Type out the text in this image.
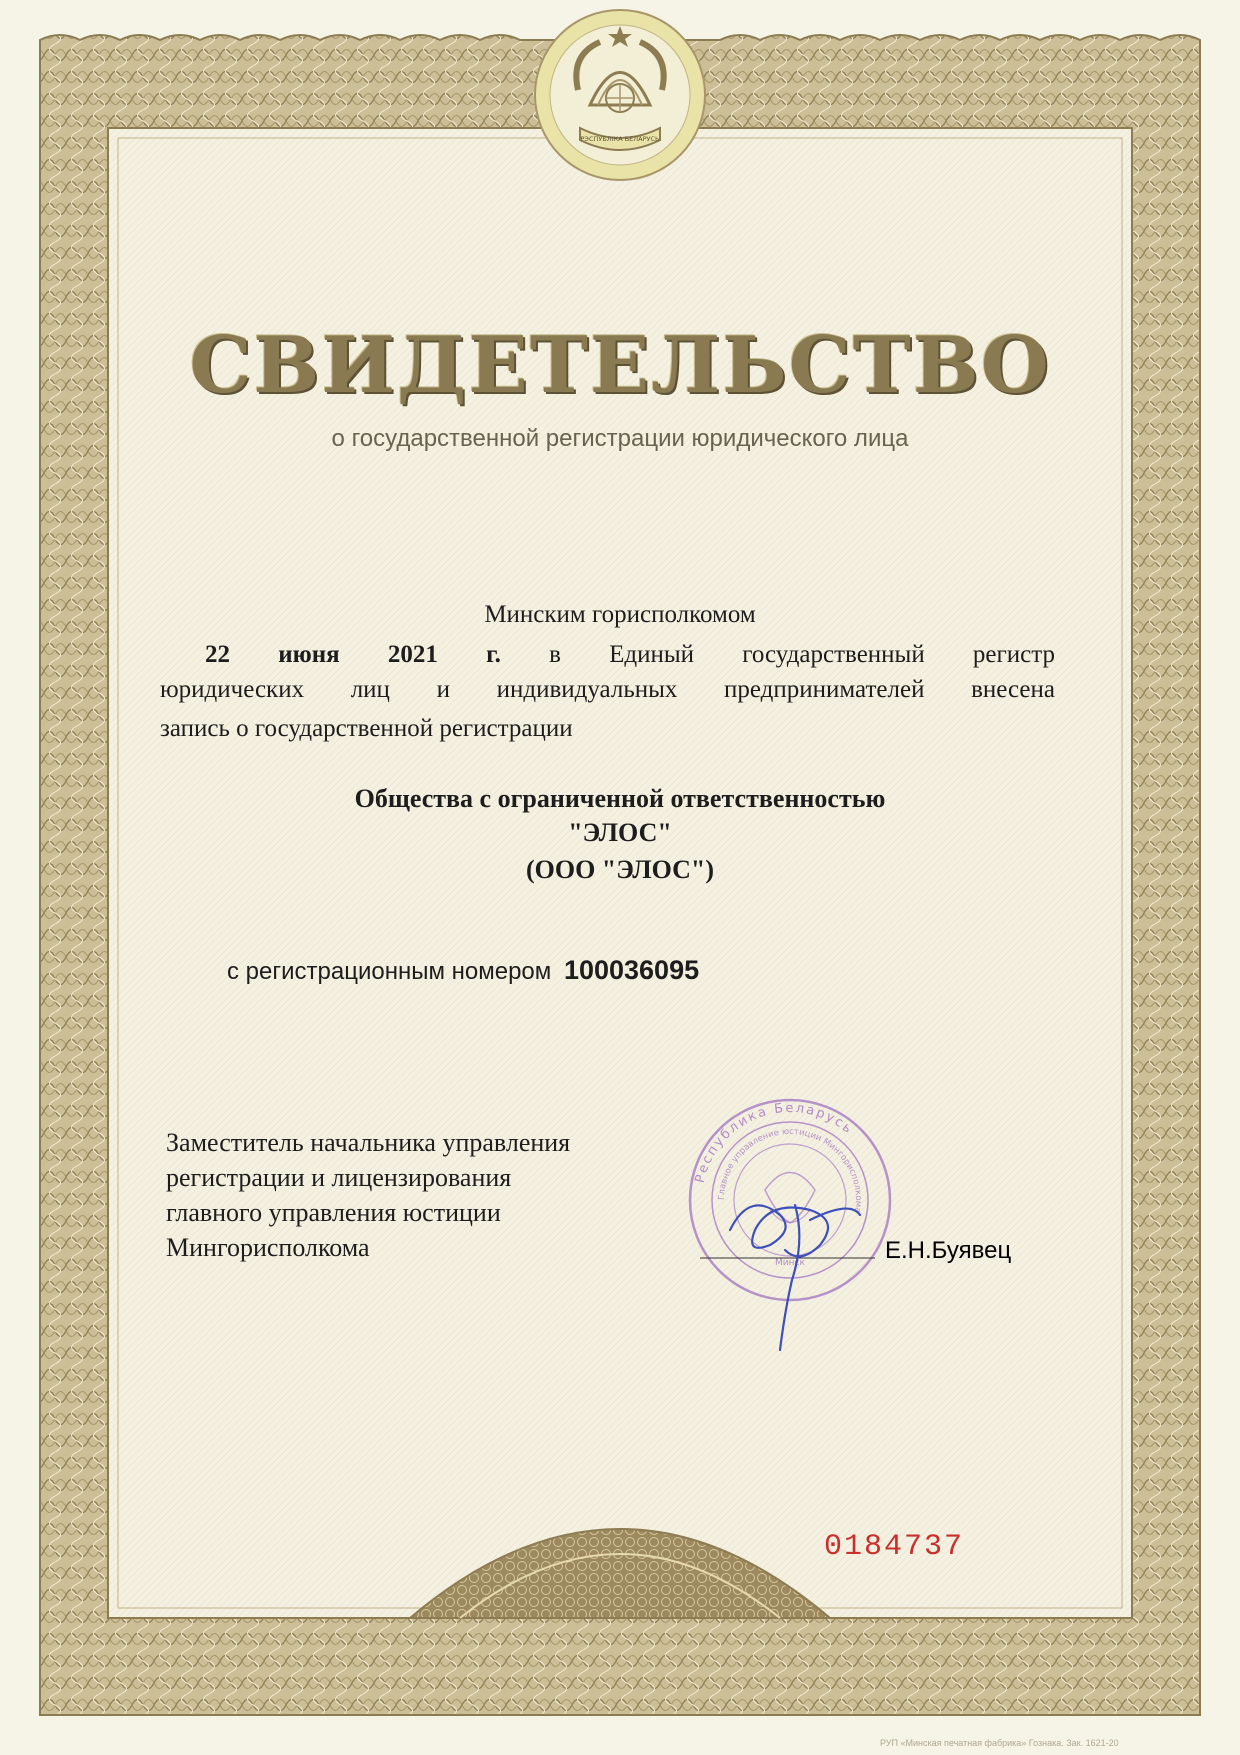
РЭСПУБЛІКА БЕЛАРУСЬ
СВИДЕТЕЛЬСТВО
о государственной регистрации юридического лица
Минским горисполкомом
22 июня 2021 г. в Единый государственный регистр
юридических лиц и индивидуальных предпринимателей внесена
запись о государственной регистрации
Общества с ограниченной ответственностью
"ЭЛОС"
(ООО "ЭЛОС")
с регистрационным номером 100036095
Заместитель начальника управления
регистрации и лицензирования
главного управления юстиции
Мингорисполкома
Республика Беларусь
Главное управление юстиции Мингорисполкома
Минск	Е.Н.Буявец
0184737
РУП «Минская печатная фабрика» Гознака. Зак. 1621-20
